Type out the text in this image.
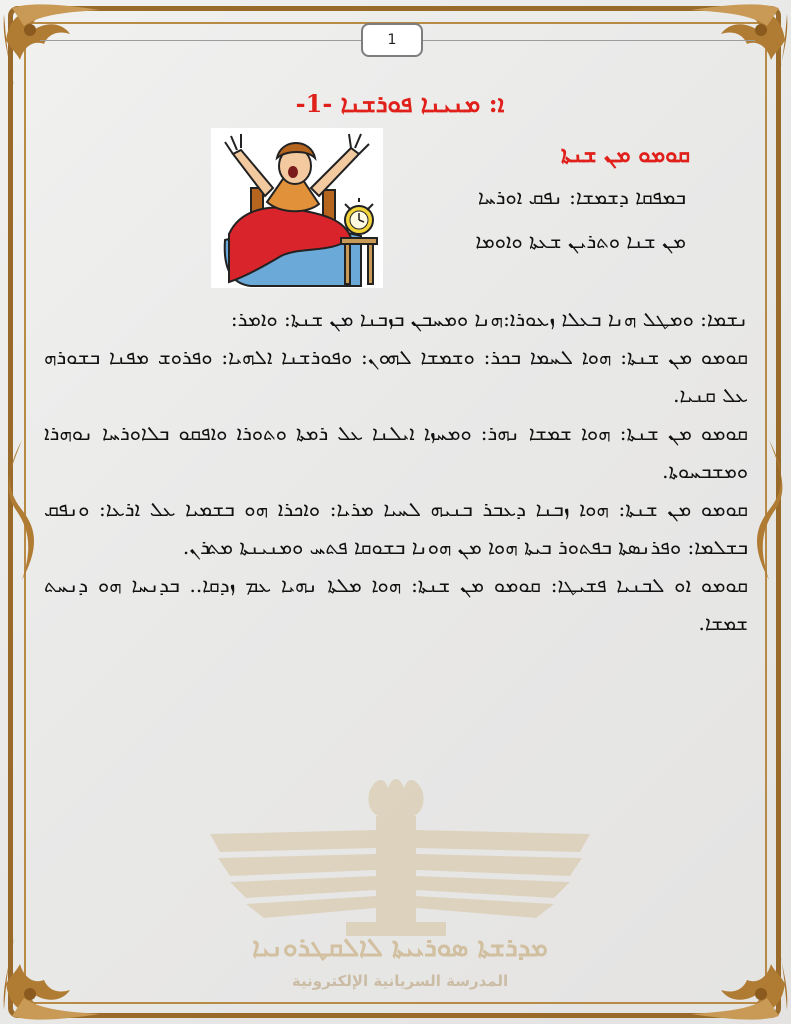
1
ܐ: ܡܢܝܢܐ ܦܘܪܫܢܐ -1-
ܩܘܡܘ ܡܢ ܫܢܬܐ
ܒܡܦܩܐ ܕܫܡܫܐ: ܢܦܩ ܐܘܪܚܐ
ܡܢ ܫܢܐ ܘܬܪܝܢ ܫܥܬܐ ܘܐܘܡܐ

ܢܫܡܐ: ܘܡܛܠ ܗܢܐ ܒܥܠܐ ܙܥܘܪܐ:ܗܢܐ ܘܡܚܒܢ ܒܙܒܢܐ ܡܢ ܫܢܬܐ: ܘܐܡܪ:

ܩܘܡܘ ܡܢ ܫܢܬܐ: ܗܘܐ ܠܚܡܐ ܒܟܪ: ܘܫܡܫܐ ܠܗܘܢ: ܘܦܘܪܫܢܐ ܐܠܗܝܐ: ܘܦܪܘܫ ܡܦܢܐ ܒܫܘܪܗ ܥܠ ܩܢܝܐ.

ܩܘܡܘ ܡܢ ܫܢܬܐ: ܗܘܐ ܫܡܫܐ ܢܗܪ: ܘܡܚܙܐ ܐܝܠܢܐ ܥܠ ܪܡܬܐ ܘܬܘܪܐ ܘܐܦܩܘ ܒܠܐܘܪܚܐ ܢܘܗܪܐ ܘܡܫܒܚܘܬܐ.

ܩܘܡܘ ܡܢ ܫܢܬܐ: ܗܘܐ ܙܒܢܐ ܕܥܒܪ ܒܢܝܗ ܠܚܝܐ ܡܪܝܐ: ܘܐܟܪܐ ܗܘ ܒܫܡܝܐ ܥܠ ܐܪܥܐ: ܘܢܦܩ ܒܫܠܡܐ: ܘܦܪܢܣܬܐ ܒܦܬܘܪ ܒܝܬܐ ܗܘܐ ܡܢ ܗܘܢܐ ܒܫܘܩܐ ܦܬܚ ܘܡܢܝܢܬܐ ܡܬܪܢ.

ܩܘܡܘ ܐܘ ܠܒܢܝܐ ܦܫܝܛܐ: ܩܘܡܘ ܡܢ ܫܢܬܐ: ܗܘܐ ܡܠܬܐ ܢܗܝܐ ܥܡ ܙܕܩܐ.. ܒܕܢܚܐ ܗܘ ܕܢܚܬ ܫܡܫܐ.

ܡܕܪܫܬܐ ܣܘܪܝܝܬܐ ܠܐܠܩܛܪܘܢܝܐ
المدرسة السريانية الإلكترونية
